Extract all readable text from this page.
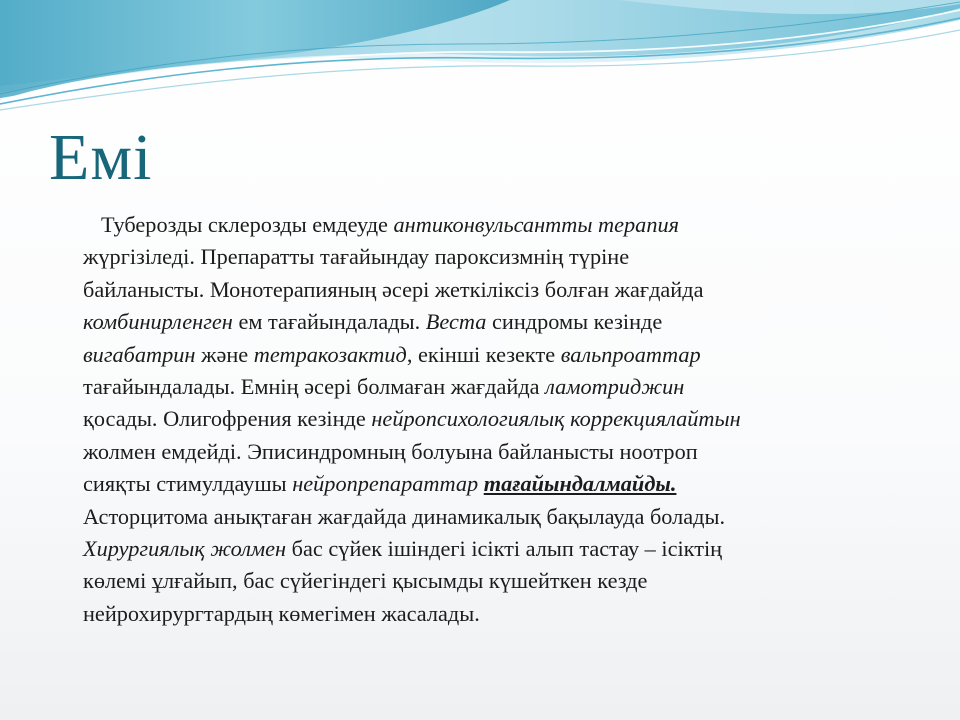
Емі
Туберозды склерозды емдеуде антиконвульсантты терапия
жүргізіледі. Препаратты тағайындау пароксизмнің түріне
байланысты. Монотерапияның әсері жеткіліксіз болған жағдайда
комбинирленген ем тағайындалады. Веста синдромы кезінде
вигабатрин және тетракозактид, екінші кезекте вальпроаттар
тағайындалады. Емнің әсері болмаған жағдайда ламотриджин
қосады. Олигофрения кезінде нейропсихологиялық коррекциялайтын
жолмен емдейді. Эписиндромның болуына байланысты ноотроп
сияқты стимулдаушы нейропрепараттар тағайындалмайды.
Асторцитома анықтаған жағдайда динамикалық бақылауда болады.
Хирургиялық жолмен бас сүйек ішіндегі ісікті алып тастау – ісіктің
көлемі ұлғайып, бас сүйегіндегі қысымды күшейткен кезде
нейрохирургтардың көмегімен жасалады.
